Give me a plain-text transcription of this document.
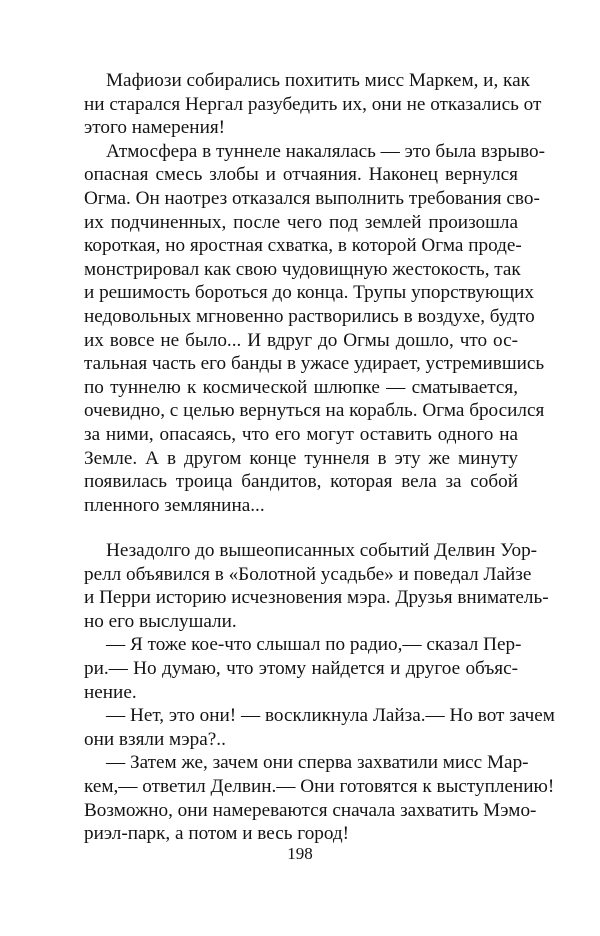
Мафиози собирались похитить мисс Маркем, и, как
ни старался Нергал разубедить их, они не отказались от
этого намерения!
Атмосфера в туннеле накалялась — это была взрыво-
опасная смесь злобы и отчаяния. Наконец вернулся
Огма. Он наотрез отказался выполнить требования сво-
их подчиненных, после чего под землей произошла
короткая, но яростная схватка, в которой Огма проде-
монстрировал как свою чудовищную жестокость, так
и решимость бороться до конца. Трупы упорствующих
недовольных мгновенно растворились в воздухе, будто
их вовсе не было... И вдруг до Огмы дошло, что ос-
тальная часть его банды в ужасе удирает, устремившись
по туннелю к космической шлюпке — сматывается,
очевидно, с целью вернуться на корабль. Огма бросился
за ними, опасаясь, что его могут оставить одного на
Земле. А в другом конце туннеля в эту же минуту
появилась троица бандитов, которая вела за собой
пленного землянина...
Незадолго до вышеописанных событий Делвин Уор-
релл объявился в «Болотной усадьбе» и поведал Лайзе
и Перри историю исчезновения мэра. Друзья вниматель-
но его выслушали.
— Я тоже кое-что слышал по радио,— сказал Пер-
ри.— Но думаю, что этому найдется и другое объяс-
нение.
— Нет, это они! — воскликнула Лайза.— Но вот зачем
они взяли мэра?..
— Затем же, зачем они сперва захватили мисс Мар-
кем,— ответил Делвин.— Они готовятся к выступлению!
Возможно, они намереваются сначала захватить Мэмо-
риэл-парк, а потом и весь город!
198
